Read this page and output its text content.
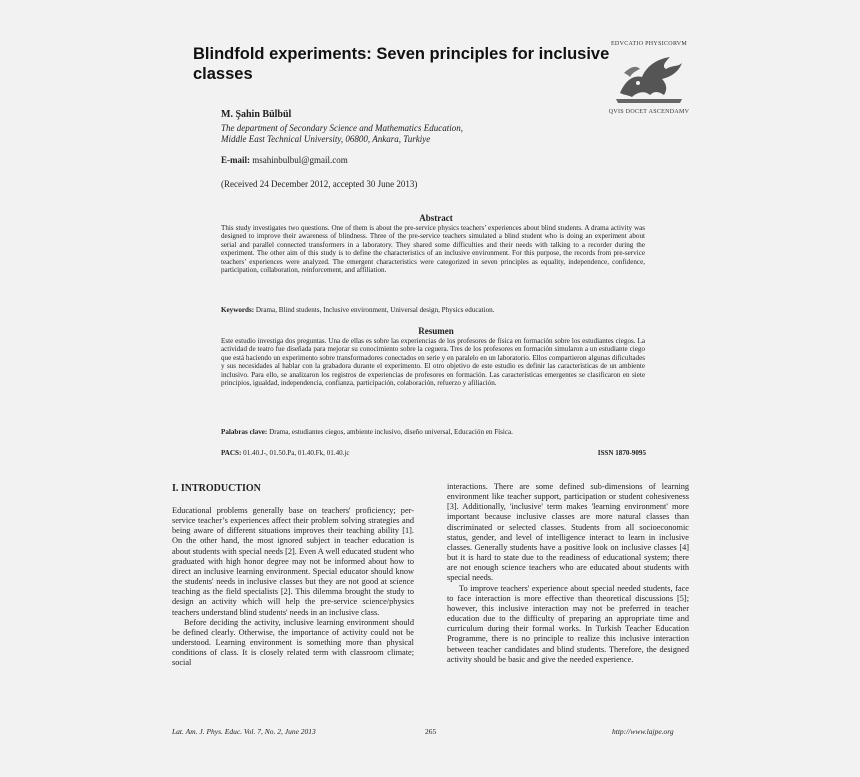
Blindfold experiments: Seven principles for inclusive classes
EDVCATIO PHYSICORVM
QVIS DOCET ASCENDAMV
M. Şahin Bülbül
The department of Secondary Science and Mathematics Education,
Middle East Technical University, 06800, Ankara, Turkiye
E-mail: msahinbulbul@gmail.com
(Received 24 December 2012, accepted 30 June 2013)
Abstract
This study investigates two questions. One of them is about the pre-service physics teachers’ experiences about blind students. A drama activity was designed to improve their awareness of blindness. Three of the pre-service teachers simulated a blind student who is doing an experiment about serial and parallel connected transformers in a laboratory. They shared some difficulties and their needs with talking to a recorder during the experiment. The other aim of this study is to define the characteristics of an inclusive environment. For this purpose, the records from pre-service teachers’ experiences were analyzed. The emergent characteristics were categorized in seven principles as equality, independence, confidence, participation, collaboration, reinforcement, and affiliation.
Keywords: Drama, Blind students, Inclusive environment, Universal design, Physics education.
Resumen
Este estudio investiga dos preguntas. Una de ellas es sobre las experiencias de los profesores de física en formación sobre los estudiantes ciegos. La actividad de teatro fue diseñada para mejorar su conocimiento sobre la ceguera. Tres de los profesores en formación simularon a un estudiante ciego que está haciendo un experimento sobre transformadores conectados en serie y en paralelo en un laboratorio. Ellos compartieron algunas dificultades y sus necesidades al hablar con la grabadora durante el experimento. El otro objetivo de este estudio es definir las características de un ambiente inclusivo. Para ello, se analizaron los registros de experiencias de profesores en formación. Las características emergentes se clasificaron en siete principios, igualdad, independencia, confianza, participación, colaboración, refuerzo y afiliación.
Palabras clave: Drama, estudiantes ciegos, ambiente inclusivo, diseño universal, Educación en Física.
PACS: 01.40.J-, 01.50.Pa, 01.40.Fk, 01.40.jc	ISSN 1870-9095
I. INTRODUCTION

Educational problems generally base on teachers' proficiency; per-service teacher’s experiences affect their problem solving strategies and being aware of different situations improves their teaching ability [1]. On the other hand, the most ignored subject in teacher education is about students with special needs [2]. Even A well educated student who graduated with high honor degree may not be informed about how to direct an inclusive learning environment. Special educator should know the students' needs in inclusive classes but they are not good at science teaching as the field specialists [2]. This dilemma brought the study to design an activity which will help the pre-service science/physics teachers understand blind students' needs in an inclusive class.

Before deciding the activity, inclusive learning environment should be defined clearly. Otherwise, the importance of activity could not be understood. Learning environment is something more than physical conditions of class. It is closely related term with classroom climate; social

interactions. There are some defined sub-dimensions of learning environment like teacher support, participation or student cohesiveness [3]. Additionally, 'inclusive' term makes 'learning environment' more important because inclusive classes are more natural classes than discriminated or selected classes. Students from all socioeconomic status, gender, and level of intelligence interact to learn in inclusive classes. Generally students have a positive look on inclusive classes [4] but it is hard to state due to the readiness of educational system; there are not enough science teachers who are educated about students with special needs.

To improve teachers' experience about special needed students, face to face interaction is more effective than theoretical discussions [5]; however, this inclusive interaction may not be preferred in teacher education due to the difficulty of preparing an appropriate time and curriculum during their formal works. In Turkish Teacher Education Programme, there is no principle to realize this inclusive interaction between teacher candidates and blind students. Therefore, the designed activity should be basic and give the needed experience.

Lat. Am. J. Phys. Educ. Vol. 7, No. 2, June 2013	265	http://www.lajpe.org
